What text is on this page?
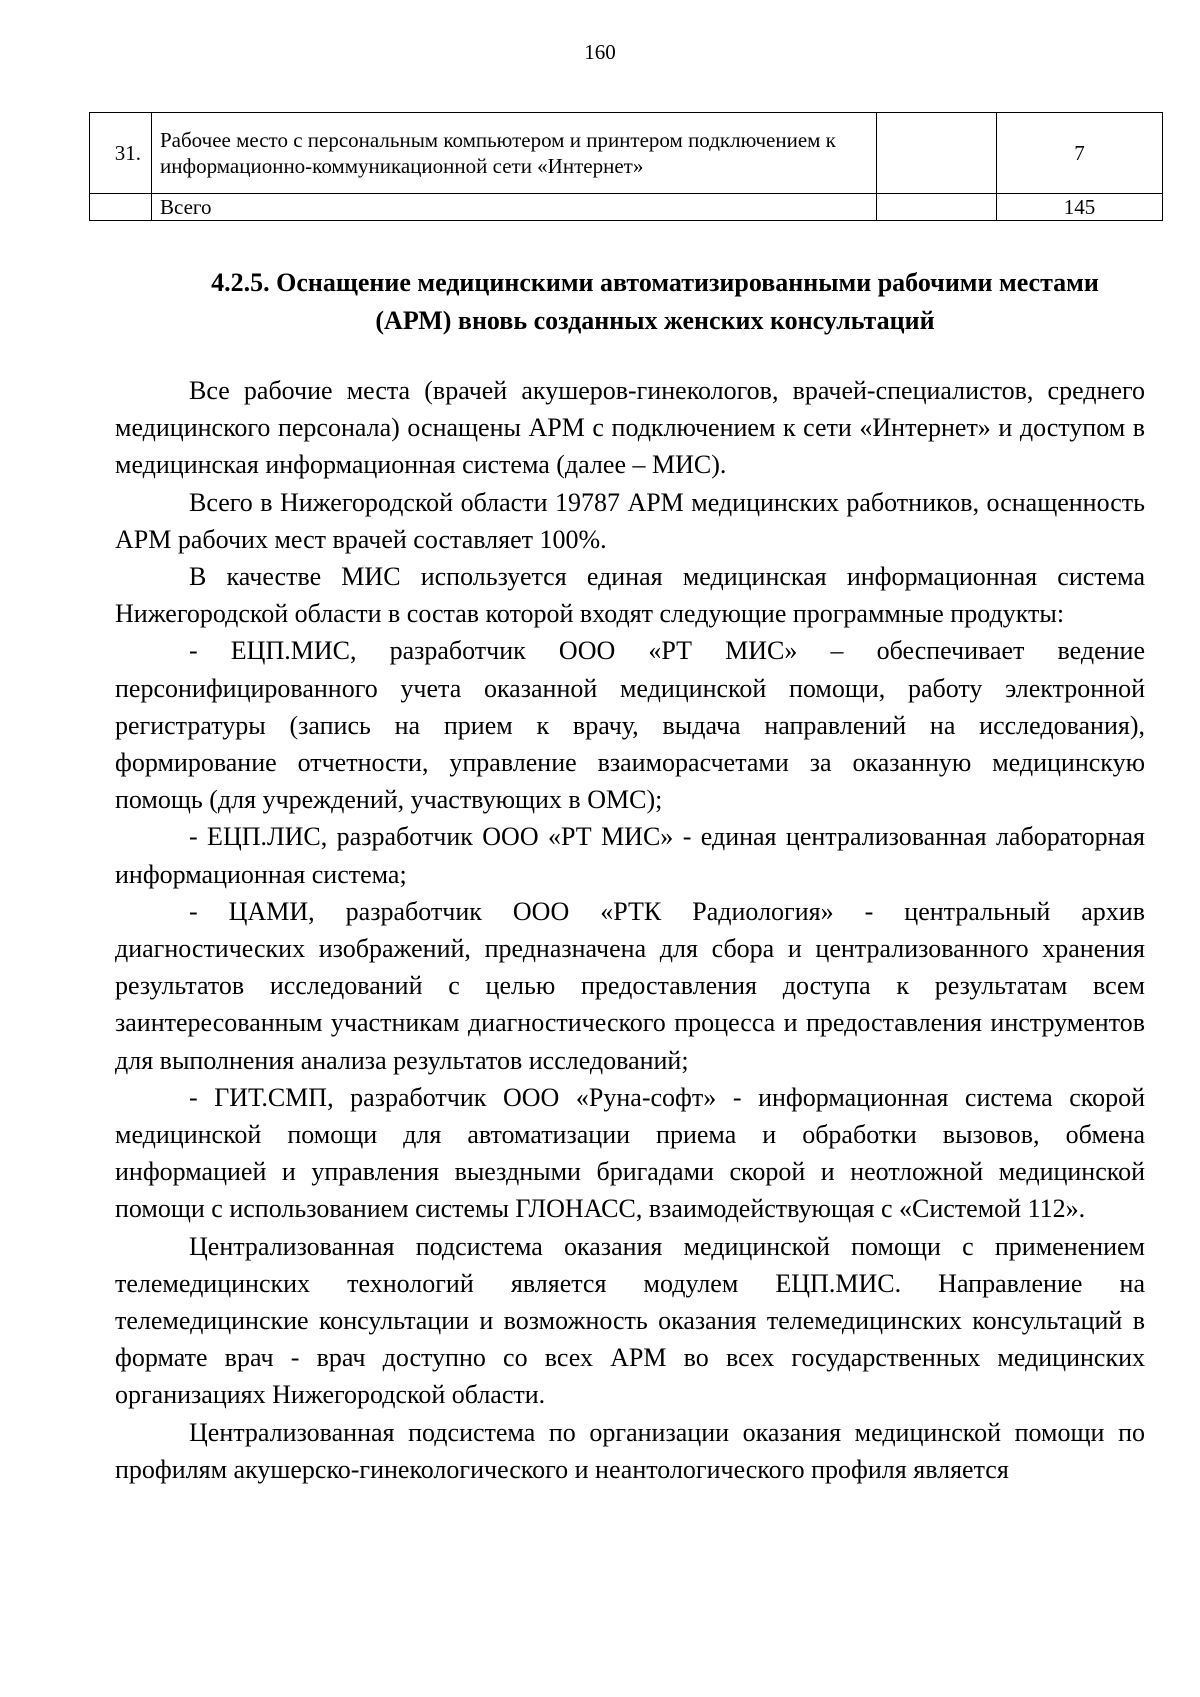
160
31.	Рабочее место с персональным компьютером и принтером подключением к информационно-коммуникационной сети «Интернет»		7
	Всего		145
4.2.5. Оснащение медицинскими автоматизированными рабочими местами (АРМ) вновь созданных женских консультаций

Все рабочие места (врачей акушеров-гинекологов, врачей-специалистов, среднего медицинского персонала) оснащены АРМ с подключением к сети «Интернет» и доступом в медицинская информационная система (далее – МИС).

Всего в Нижегородской области 19787 АРМ медицинских работников, оснащенность АРМ рабочих мест врачей составляет 100%.

В качестве МИС используется единая медицинская информационная система Нижегородской области в состав которой входят следующие программные продукты:

- ЕЦП.МИС, разработчик ООО «РТ МИС» – обеспечивает ведение персонифицированного учета оказанной медицинской помощи, работу электронной регистратуры (запись на прием к врачу, выдача направлений на исследования), формирование отчетности, управление взаиморасчетами за оказанную медицинскую помощь (для учреждений, участвующих в ОМС);

- ЕЦП.ЛИС, разработчик ООО «РТ МИС» - единая централизованная лабораторная информационная система;

- ЦАМИ, разработчик ООО «РТК Радиология» - центральный архив диагностических изображений, предназначена для сбора и централизованного хранения результатов исследований с целью предоставления доступа к результатам всем заинтересованным участникам диагностического процесса и предоставления инструментов для выполнения анализа результатов исследований;

- ГИТ.СМП, разработчик ООО «Руна-софт» - информационная система скорой медицинской помощи для автоматизации приема и обработки вызовов, обмена информацией и управления выездными бригадами скорой и неотложной медицинской помощи с использованием системы ГЛОНАСС, взаимодействующая с «Системой 112».

Централизованная подсистема оказания медицинской помощи с применением телемедицинских технологий является модулем ЕЦП.МИС. Направление на телемедицинские консультации и возможность оказания телемедицинских консультаций в формате врач - врач доступно со всех АРМ во всех государственных медицинских организациях Нижегородской области.

Централизованная подсистема по организации оказания медицинской помощи по профилям акушерско-гинекологического и неантологического профиля является
